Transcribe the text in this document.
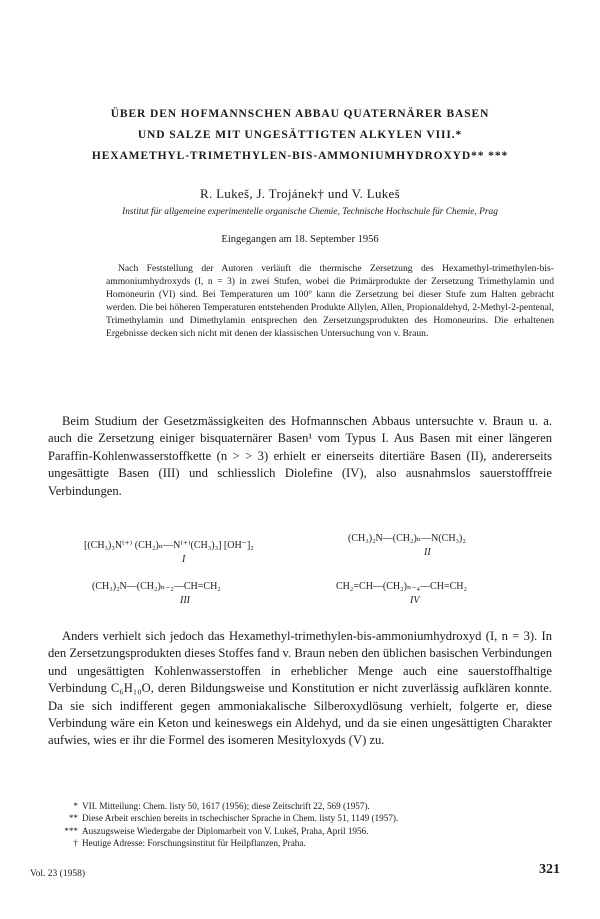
ÜBER DEN HOFMANNSCHEN ABBAU QUATERNÄRER BASEN
UND SALZE MIT UNGESÄTTIGTEN ALKYLEN VIII.*
HEXAMETHYL-TRIMETHYLEN-BIS-AMMONIUMHYDROXYD** ***
R. Lukeš, J. Trojánek† und V. Lukeš
Institut für allgemeine experimentelle organische Chemie, Technische Hochschule für Chemie, Prag
Eingegangen am 18. September 1956

Nach Feststellung der Autoren verläuft die thermische Zersetzung des Hexamethyl-trimethylen-bis-ammoniumhydroxyds (I, n = 3) in zwei Stufen, wobei die Primärprodukte der Zersetzung Trimethylamin und Homoneurin (VI) sind. Bei Temperaturen um 100° kann die Zersetzung bei dieser Stufe zum Halten gebracht werden. Die bei höheren Temperaturen entstehenden Produkte Allylen, Allen, Propionaldehyd, 2-Methyl-2-pentenal, Trimethylamin und Dimethylamin entsprechen den Zersetzungsprodukten des Homoneurins. Die erhaltenen Ergebnisse decken sich nicht mit denen der klassischen Untersuchung von v. Braun.

Beim Studium der Gesetzmässigkeiten des Hofmannschen Abbaus untersuchte v. Braun u. a. auch die Zersetzung einiger bisquaternärer Basen¹ vom Typus I. Aus Basen mit einer längeren Paraffin-Kohlenwasserstoffkette (n > > 3) erhielt er einerseits ditertiäre Basen (II), andererseits ungesättigte Basen (III) und schliesslich Diolefine (IV), also ausnahmslos sauerstofffreie Verbindungen.

[(CH₃)₃N⁽⁺⁾ (CH₂)ₙ—N⁽⁺⁾(CH₃)₃] [OH⁻]₂
I
(CH₃)₂N—(CH₂)ₙ—N(CH₃)₂
II
(CH₃)₂N—(CH₂)ₙ₋₂—CH=CH₂
III
CH₂=CH—(CH₂)ₙ₋₄—CH=CH₂
IV

Anders verhielt sich jedoch das Hexamethyl-trimethylen-bis-ammoniumhydroxyd (I, n = 3). In den Zersetzungsprodukten dieses Stoffes fand v. Braun neben den üblichen basischen Verbindungen und ungesättigten Kohlenwasserstoffen in erheblicher Menge auch eine sauerstoffhaltige Verbindung C₆H₁₀O, deren Bildungsweise und Konstitution er nicht zuverlässig aufklären konnte. Da sie sich indifferent gegen ammoniakalische Silberoxydlösung verhielt, folgerte er, diese Verbindung wäre ein Keton und keineswegs ein Aldehyd, und da sie einen ungesättigten Charakter aufwies, wies er ihr die Formel des isomeren Mesityloxyds (V) zu.

* VII. Mitteilung: Chem. listy 50, 1617 (1956); diese Zeitschrift 22, 569 (1957).
** Diese Arbeit erschien bereits in tschechischer Sprache in Chem. listy 51, 1149 (1957).
*** Auszugsweise Wiedergabe der Diplomarbeit von V. Lukeš, Praha, April 1956.
† Heutige Adresse: Forschungsinstitut für Heilpflanzen, Praha.
Vol. 23 (1958)	321
